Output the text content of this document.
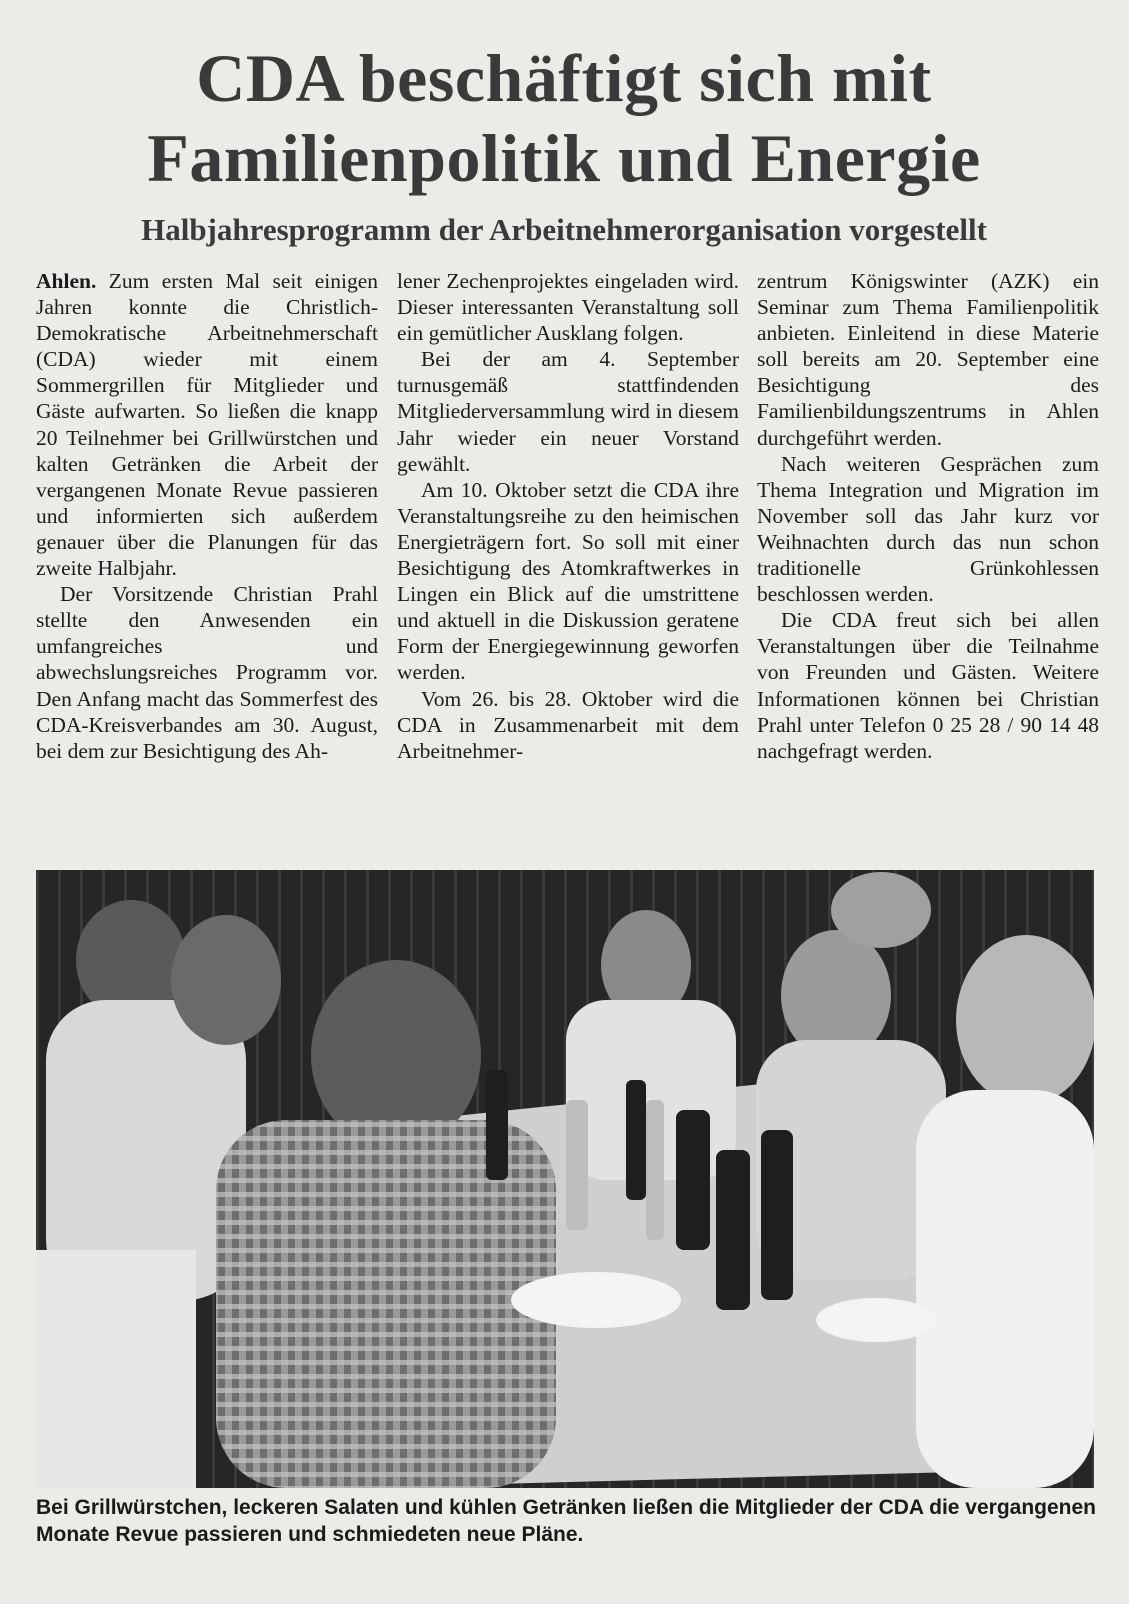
CDA beschäftigt sich mit
Familienpolitik und Energie
Halbjahresprogramm der Arbeitnehmerorganisation vorgestellt

Ahlen. Zum ersten Mal seit einigen Jahren konnte die Christlich-Demokratische Arbeitnehmerschaft (CDA) wieder mit einem Sommergrillen für Mitglieder und Gäste aufwarten. So ließen die knapp 20 Teilnehmer bei Grillwürstchen und kalten Getränken die Arbeit der vergangenen Monate Revue passieren und informierten sich außerdem genauer über die Planungen für das zweite Halbjahr.

Der Vorsitzende Christian Prahl stellte den Anwesenden ein umfangreiches und abwechslungsreiches Programm vor. Den Anfang macht das Sommerfest des CDA-Kreisverbandes am 30. August, bei dem zur Besichtigung des Ah-

lener Zechenprojektes eingeladen wird. Dieser interessanten Veranstaltung soll ein gemütlicher Ausklang folgen.

Bei der am 4. September turnusgemäß stattfindenden Mitgliederversammlung wird in diesem Jahr wieder ein neuer Vorstand gewählt.

Am 10. Oktober setzt die CDA ihre Veranstaltungsreihe zu den heimischen Energieträgern fort. So soll mit einer Besichtigung des Atomkraftwerkes in Lingen ein Blick auf die umstrittene und aktuell in die Diskussion geratene Form der Energiegewinnung geworfen werden.

Vom 26. bis 28. Oktober wird die CDA in Zusammenarbeit mit dem Arbeitnehmer-

zentrum Königswinter (AZK) ein Seminar zum Thema Familienpolitik anbieten. Einleitend in diese Materie soll bereits am 20. September eine Besichtigung des Familienbildungszentrums in Ahlen durchgeführt werden.

Nach weiteren Gesprächen zum Thema Integration und Migration im November soll das Jahr kurz vor Weihnachten durch das nun schon traditionelle Grünkohlessen beschlossen werden.

Die CDA freut sich bei allen Veranstaltungen über die Teilnahme von Freunden und Gästen. Weitere Informationen können bei Christian Prahl unter Telefon 0 25 28 / 90 14 48 nachgefragt werden.

Bei Grillwürstchen, leckeren Salaten und kühlen Getränken ließen die Mitglieder der CDA die vergangenen Monate Revue passieren und schmiedeten neue Pläne.
